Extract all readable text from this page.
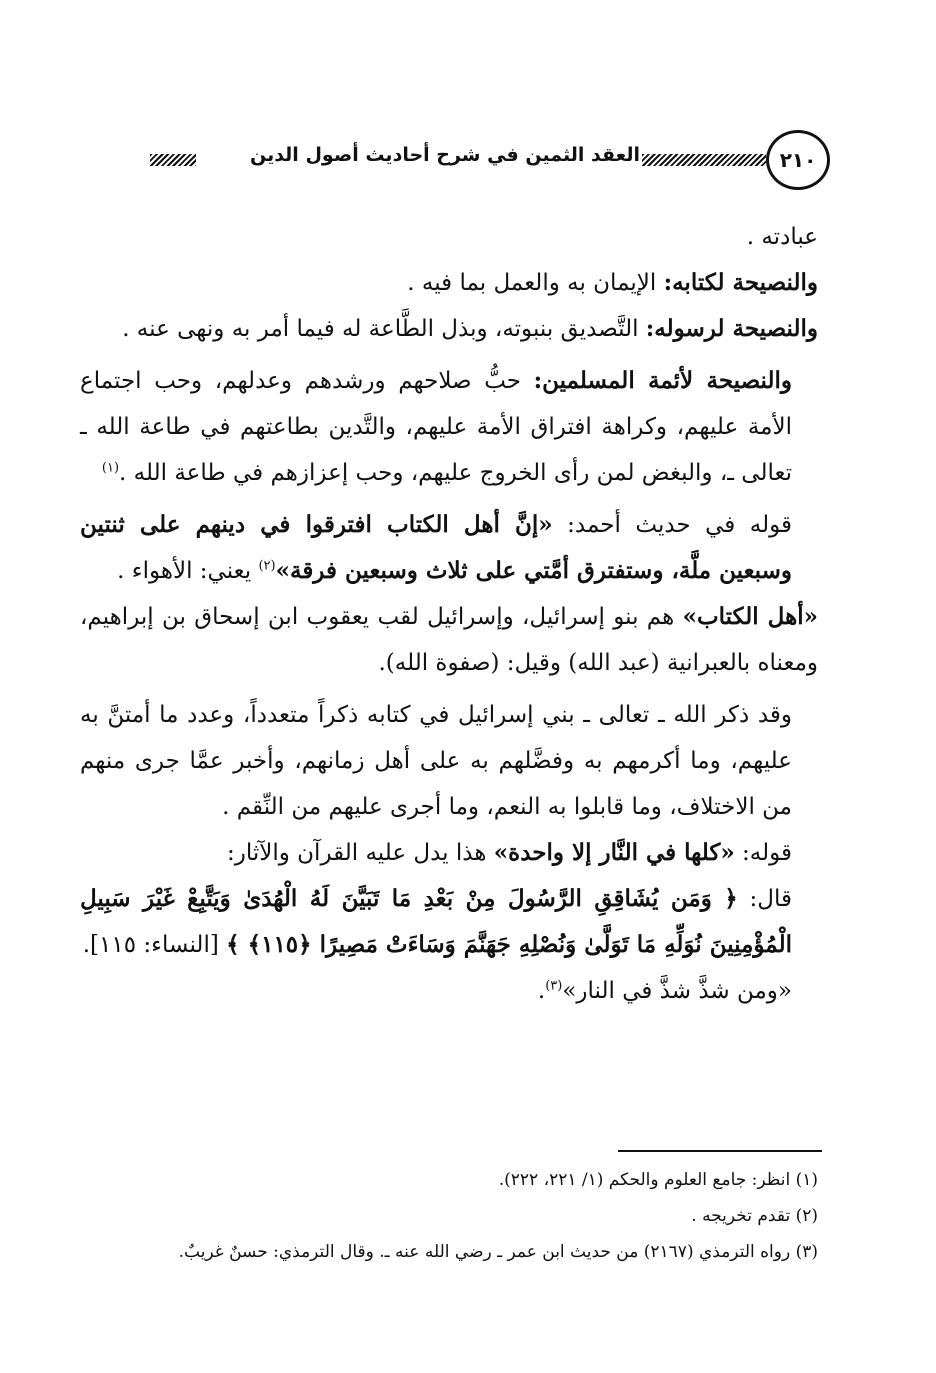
٢١٠
العقد الثمين في شرح أحاديث أصول الدين

عبادته .

والنصيحة لكتابه: الإيمان به والعمل بما فيه .

والنصيحة لرسوله: التَّصديق بنبوته، وبذل الطَّاعة له فيما أمر به ونهى عنه .

والنصيحة لأئمة المسلمين: حبُّ صلاحهم ورشدهم وعدلهم، وحب اجتماع الأمة عليهم، وكراهة افتراق الأمة عليهم، والتَّدين بطاعتهم في طاعة الله ـ تعالى ـ، والبغض لمن رأى الخروج عليهم، وحب إعزازهم في طاعة الله .$^{(١)}$

قوله في حديث أحمد: «إنَّ أهل الكتاب افترقوا في دينهم على ثنتين وسبعين ملَّة، وستفترق أمَّتي على ثلاث وسبعين فرقة»$^{(٢)}$ يعني: الأهواء .

«أهل الكتاب» هم بنو إسرائيل، وإسرائيل لقب يعقوب ابن إسحاق بن إبراهيم، ومعناه بالعبرانية (عبد الله) وقيل: (صفوة الله).

وقد ذكر الله ـ تعالى ـ بني إسرائيل في كتابه ذكراً متعدداً، وعدد ما أمتنَّ به عليهم، وما أكرمهم به وفضَّلهم به على أهل زمانهم، وأخبر عمَّا جرى منهم من الاختلاف، وما قابلوا به النعم، وما أجرى عليهم من النِّقم .

قوله: «كلها في النَّار إلا واحدة» هذا يدل عليه القرآن والآثار:

قال: ﴿ وَمَن يُشَاقِقِ الرَّسُولَ مِنْ بَعْدِ مَا تَبَيَّنَ لَهُ الْهُدَىٰ وَيَتَّبِعْ غَيْرَ سَبِيلِ الْمُؤْمِنِينَ نُوَلِّهِ مَا تَوَلَّىٰ وَنُصْلِهِ جَهَنَّمَ وَسَاءَتْ مَصِيرًا ﴿١١٥﴾ ﴾ [النساء: ١١٥].

«ومن شذَّ شذَّ في النار»$^{(٣)}$.

(١) انظر: جامع العلوم والحكم (١/ ٢٢١، ٢٢٢).

(٢) تقدم تخريجه .

(٣) رواه الترمذي (٢١٦٧) من حديث ابن عمر ـ رضي الله عنه ـ. وقال الترمذي: حسنٌ غريبٌ.
